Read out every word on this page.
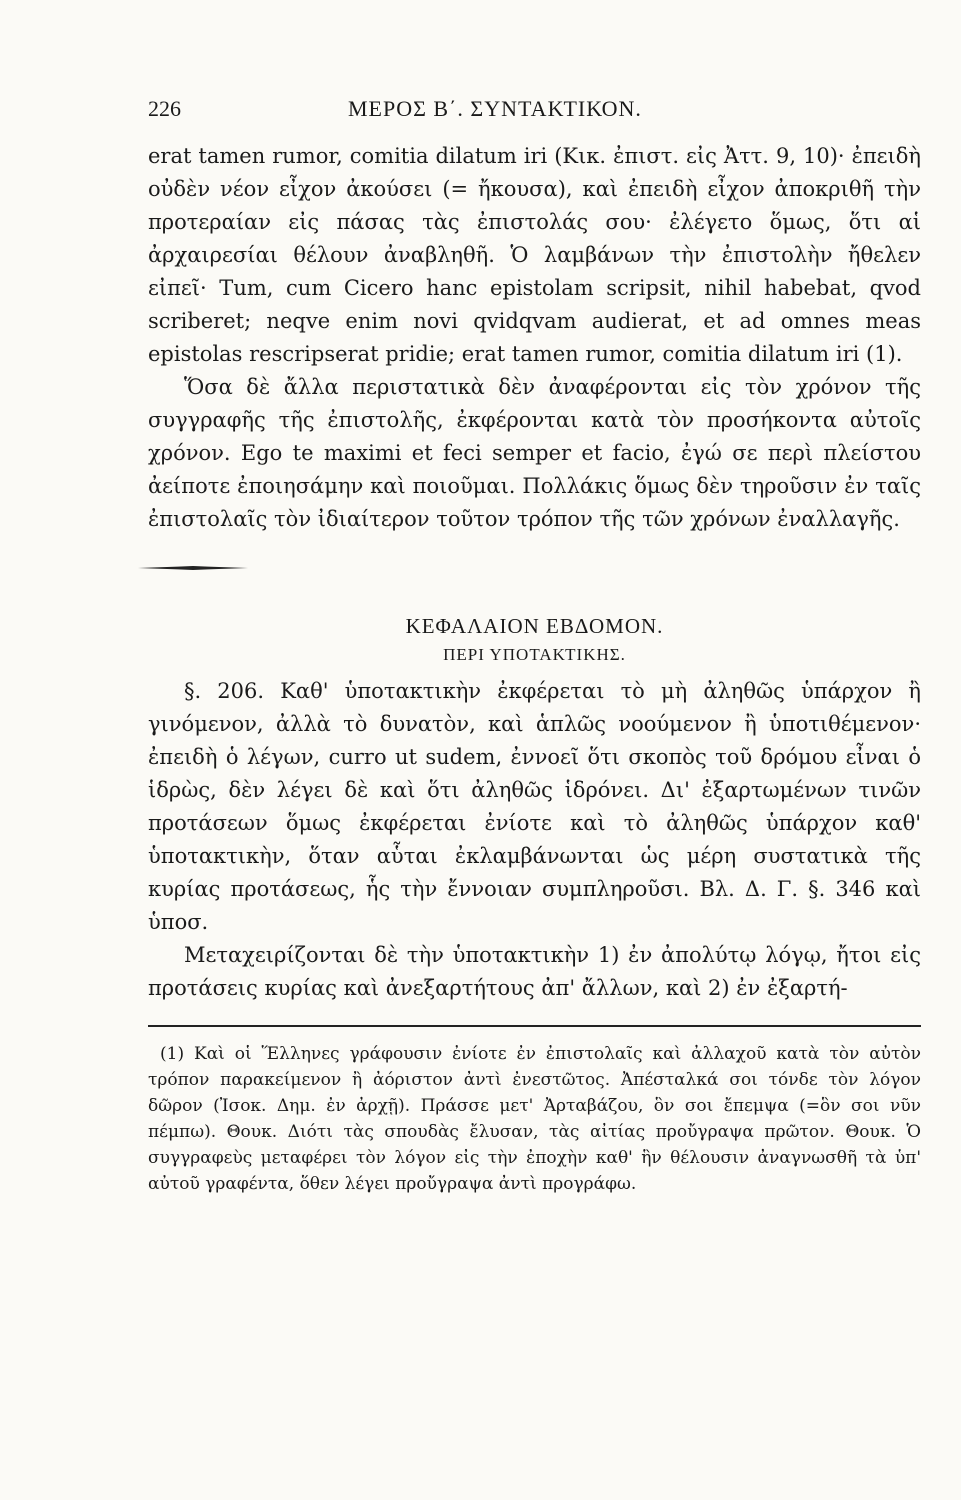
226	ΜΕΡΟΣ Β΄. ΣΥΝΤΑΚΤΙΚΟΝ.

erat tamen rumor, comitia dilatum iri (Κικ. ἐπιστ. εἰς Ἀττ. 9, 10)· ἐπειδὴ οὐδὲν νέον εἶχον ἀκούσει (= ἤκουσα), καὶ ἐπειδὴ εἶχον ἀποκριθῆ τὴν προτεραίαν εἰς πάσας τὰς ἐπιστολάς σου· ἐλέγετο ὅμως, ὅτι αἱ ἀρχαιρεσίαι θέλουν ἀναβληθῆ. Ὁ λαμβάνων τὴν ἐπιστολὴν ἤθελεν εἰπεῖ· Tum, cum Cicero hanc epistolam scripsit, nihil habebat, qvod scriberet; neqve enim novi qvidqvam audierat, et ad omnes meas epistolas rescripserat pridie; erat tamen rumor, comitia dilatum iri (1).

Ὅσα δὲ ἄλλα περιστατικὰ δὲν ἀναφέρονται εἰς τὸν χρόνον τῆς συγγραφῆς τῆς ἐπιστολῆς, ἐκφέρονται κατὰ τὸν προσήκοντα αὐτοῖς χρόνον. Ego te maximi et feci semper et facio, ἐγώ σε περὶ πλείστου ἀείποτε ἐποιησάμην καὶ ποιοῦμαι. Πολλάκις ὅμως δὲν τηροῦσιν ἐν ταῖς ἐπιστολαῖς τὸν ἰδιαίτερον τοῦτον τρόπον τῆς τῶν χρόνων ἐναλλαγῆς.

ΚΕΦΑΛΑΙΟΝ ΕΒΔΟΜΟΝ.
ΠΕΡΙ ΥΠΟΤΑΚΤΙΚΗΣ.

§. 206. Καθ' ὑποτακτικὴν ἐκφέρεται τὸ μὴ ἀληθῶς ὑπάρχον ἢ γινόμενον, ἀλλὰ τὸ δυνατὸν, καὶ ἁπλῶς νοούμενον ἢ ὑποτιθέμενον· ἐπειδὴ ὁ λέγων, curro ut sudem, ἐννοεῖ ὅτι σκοπὸς τοῦ δρόμου εἶναι ὁ ἱδρὼς, δὲν λέγει δὲ καὶ ὅτι ἀληθῶς ἱδρόνει. Δι' ἐξαρτωμένων τινῶν προτάσεων ὅμως ἐκφέρεται ἐνίοτε καὶ τὸ ἀληθῶς ὑπάρχον καθ' ὑποτακτικὴν, ὅταν αὗται ἐκλαμβάνωνται ὡς μέρη συστατικὰ τῆς κυρίας προτάσεως, ἧς τὴν ἔννοιαν συμπληροῦσι. Βλ. Δ. Γ. §. 346 καὶ ὑποσ.

Μεταχειρίζονται δὲ τὴν ὑποτακτικὴν 1) ἐν ἀπολύτῳ λόγῳ, ἤτοι εἰς προτάσεις κυρίας καὶ ἀνεξαρτήτους ἀπ' ἄλλων, καὶ 2) ἐν ἐξαρτή-

(1) Καὶ οἱ Ἕλληνες γράφουσιν ἐνίοτε ἐν ἐπιστολαῖς καὶ ἀλλαχοῦ κατὰ τὸν αὐτὸν τρόπον παρακείμενον ἢ ἀόριστον ἀντὶ ἐνεστῶτος. Ἀπέσταλκά σοι τόνδε τὸν λόγον δῶρον (Ἰσοκ. Δημ. ἐν ἀρχῇ). Πράσσε μετ' Ἀρταβάζου, ὃν σοι ἔπεμψα (=ὃν σοι νῦν πέμπω). Θουκ. Διότι τὰς σπουδὰς ἔλυσαν, τὰς αἰτίας προὔγραψα πρῶτον. Θουκ. Ὁ συγγραφεὺς μεταφέρει τὸν λόγον εἰς τὴν ἐποχὴν καθ' ἣν θέλουσιν ἀναγνωσθῆ τὰ ὑπ' αὐτοῦ γραφέντα, ὅθεν λέγει προὔγραψα ἀντὶ προγράφω.
